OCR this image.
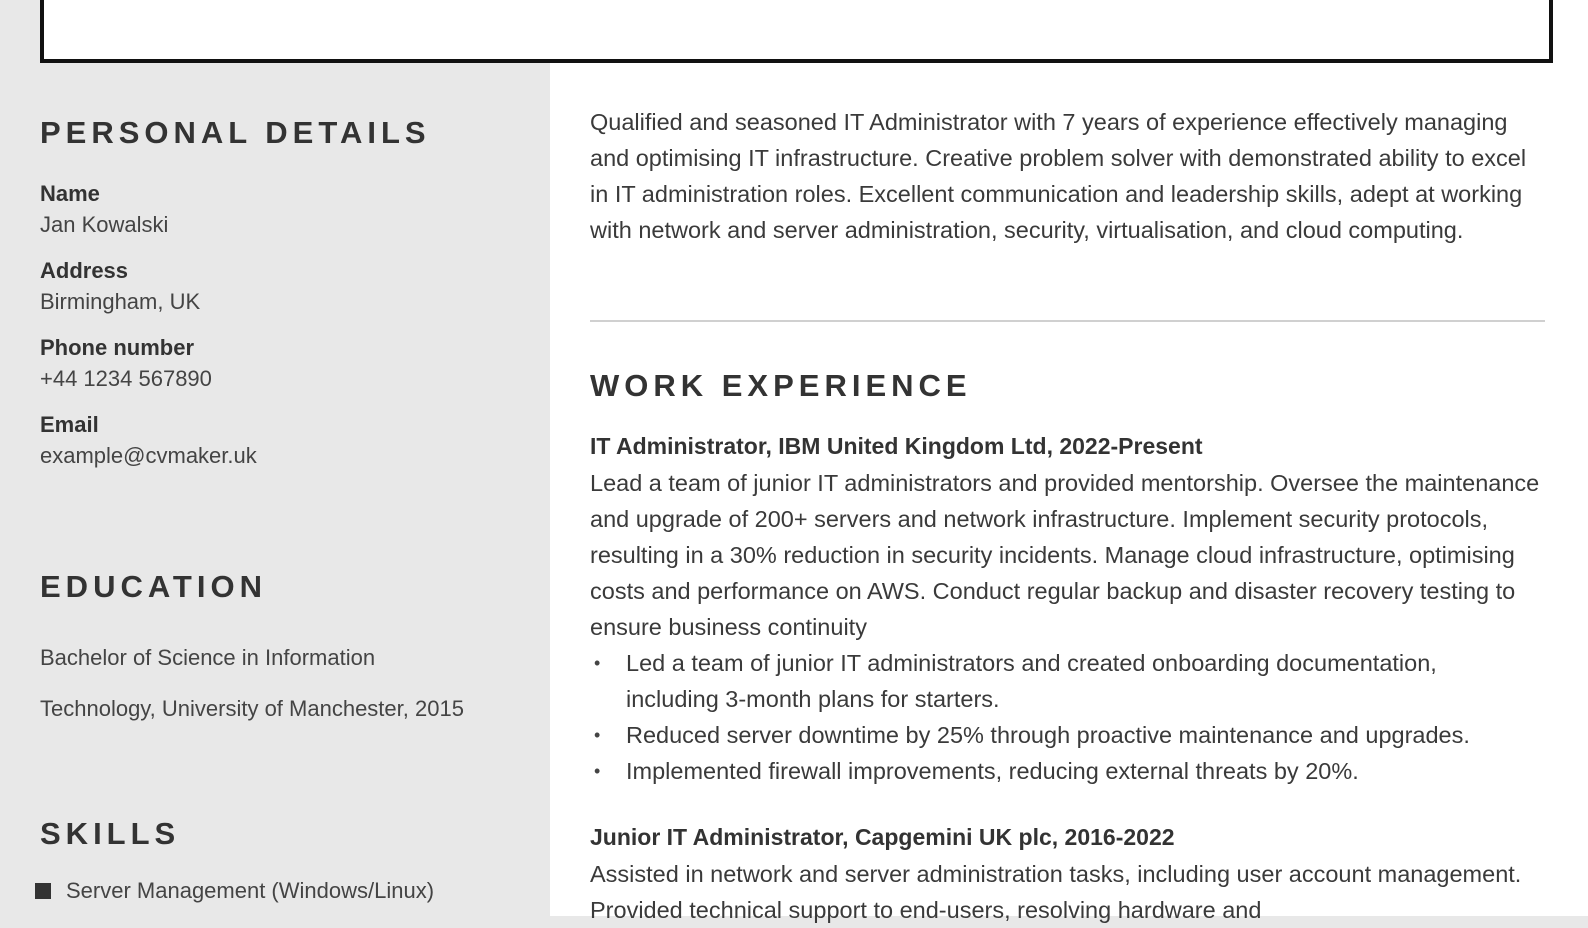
PERSONAL DETAILS
Name
Jan Kowalski
Address
Birmingham, UK
Phone number
+44 1234 567890
Email
example@cvmaker.uk
EDUCATION
Bachelor of Science in Information
Technology, University of Manchester, 2015
SKILLS
Server Management (Windows/Linux)

Qualified and seasoned IT Administrator with 7 years of experience effectively managing and optimising IT infrastructure. Creative problem solver with demonstrated ability to excel in IT administration roles. Excellent communication and leadership skills, adept at working with network and server administration, security, virtualisation, and cloud computing.

WORK EXPERIENCE
IT Administrator, IBM United Kingdom Ltd, 2022-Present

Lead a team of junior IT administrators and provided mentorship. Oversee the maintenance and upgrade of 200+ servers and network infrastructure. Implement security protocols, resulting in a 30% reduction in security incidents. Manage cloud infrastructure, optimising costs and performance on AWS. Conduct regular backup and disaster recovery testing to ensure business continuity

• Led a team of junior IT administrators and created onboarding documentation, including 3-month plans for starters.
• Reduced server downtime by 25% through proactive maintenance and upgrades.
• Implemented firewall improvements, reducing external threats by 20%.
Junior IT Administrator, Capgemini UK plc, 2016-2022

Assisted in network and server administration tasks, including user account management. Provided technical support to end-users, resolving hardware and
